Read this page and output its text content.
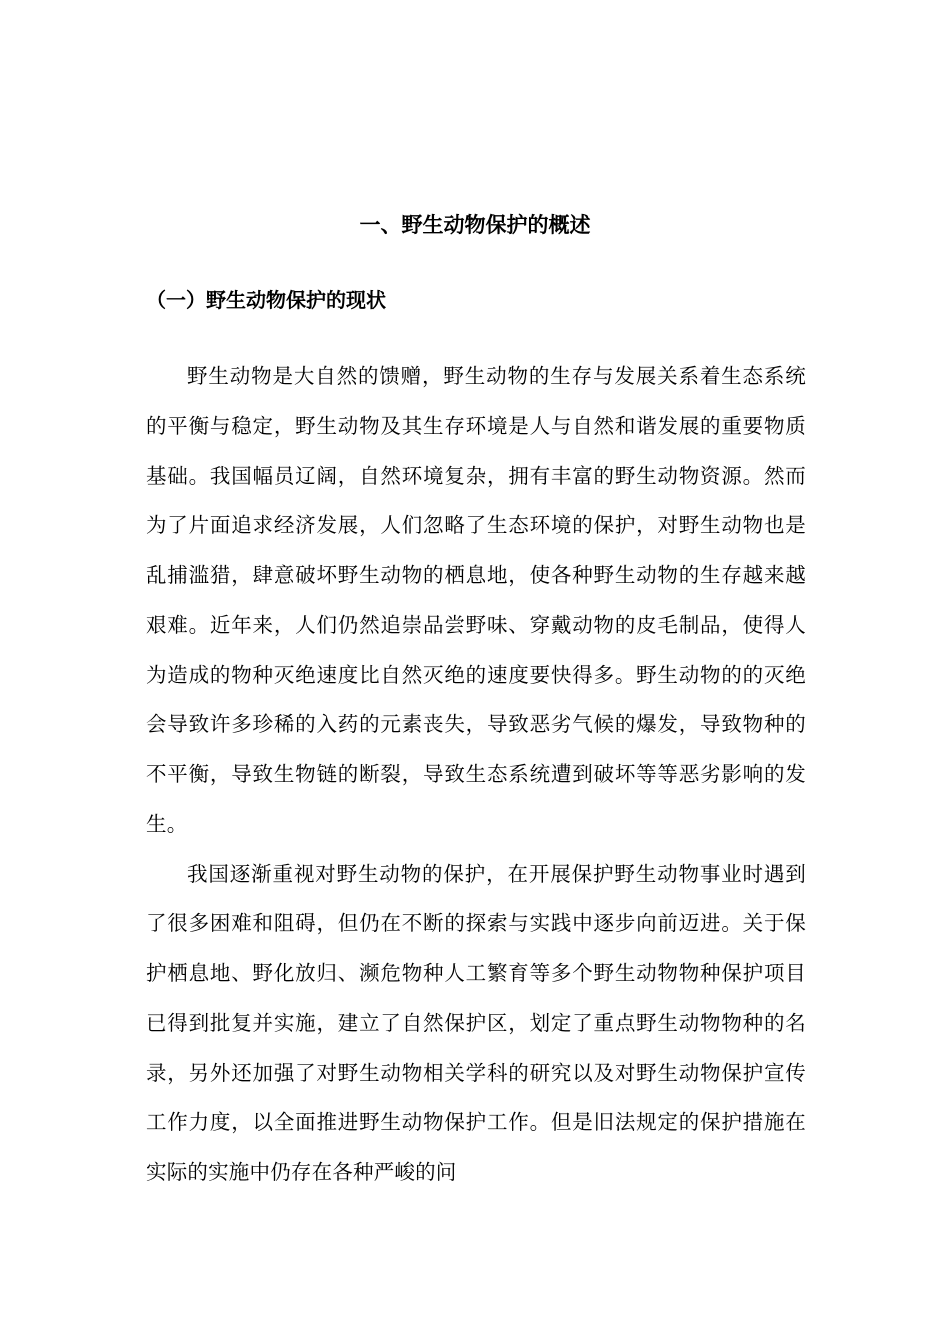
一、野生动物保护的概述
（一）野生动物保护的现状

野生动物是大自然的馈赠，野生动物的生存与发展关系着生态系统的平衡与稳定，野生动物及其生存环境是人与自然和谐发展的重要物质基础。我国幅员辽阔，自然环境复杂，拥有丰富的野生动物资源。然而为了片面追求经济发展，人们忽略了生态环境的保护，对野生动物也是乱捕滥猎，肆意破坏野生动物的栖息地，使各种野生动物的生存越来越艰难。近年来，人们仍然追崇品尝野味、穿戴动物的皮毛制品，使得人为造成的物种灭绝速度比自然灭绝的速度要快得多。野生动物的的灭绝会导致许多珍稀的入药的元素丧失，导致恶劣气候的爆发，导致物种的不平衡，导致生物链的断裂，导致生态系统遭到破坏等等恶劣影响的发生。

我国逐渐重视对野生动物的保护，在开展保护野生动物事业时遇到了很多困难和阻碍，但仍在不断的探索与实践中逐步向前迈进。关于保护栖息地、野化放归、濒危物种人工繁育等多个野生动物物种保护项目已得到批复并实施，建立了自然保护区，划定了重点野生动物物种的名录，另外还加强了对野生动物相关学科的研究以及对野生动物保护宣传工作力度，以全面推进野生动物保护工作。但是旧法规定的保护措施在实际的实施中仍存在各种严峻的问
